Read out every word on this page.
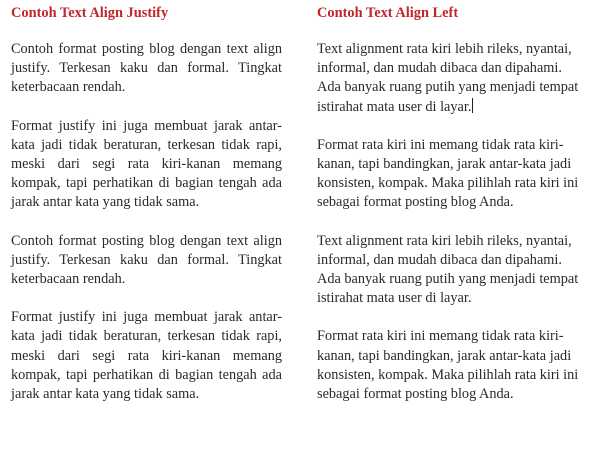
Contoh Text Align Justify

Contoh format posting blog dengan text align justify. Terkesan kaku dan formal. Tingkat keterbacaan rendah.

Format justify ini juga membuat jarak antar-kata jadi tidak beraturan, terkesan tidak rapi, meski dari segi rata kiri-kanan memang kompak, tapi perhatikan di bagian tengah ada jarak antar kata yang tidak sama.

Contoh format posting blog dengan text align justify. Terkesan kaku dan formal. Tingkat keterbacaan rendah.

Format justify ini juga membuat jarak antar-kata jadi tidak beraturan, terkesan tidak rapi, meski dari segi rata kiri-kanan memang kompak, tapi perhatikan di bagian tengah ada jarak antar kata yang tidak sama.

Contoh Text Align Left

Text alignment rata kiri lebih rileks, nyantai, informal, dan mudah dibaca dan dipahami. Ada banyak ruang putih yang menjadi tempat istirahat mata user di layar.

Format rata kiri ini memang tidak rata kiri-kanan, tapi bandingkan, jarak antar-kata jadi konsisten, kompak. Maka pilihlah rata kiri ini sebagai format posting blog Anda.

Text alignment rata kiri lebih rileks, nyantai, informal, dan mudah dibaca dan dipahami. Ada banyak ruang putih yang menjadi tempat istirahat mata user di layar.

Format rata kiri ini memang tidak rata kiri-kanan, tapi bandingkan, jarak antar-kata jadi konsisten, kompak. Maka pilihlah rata kiri ini sebagai format posting blog Anda.
